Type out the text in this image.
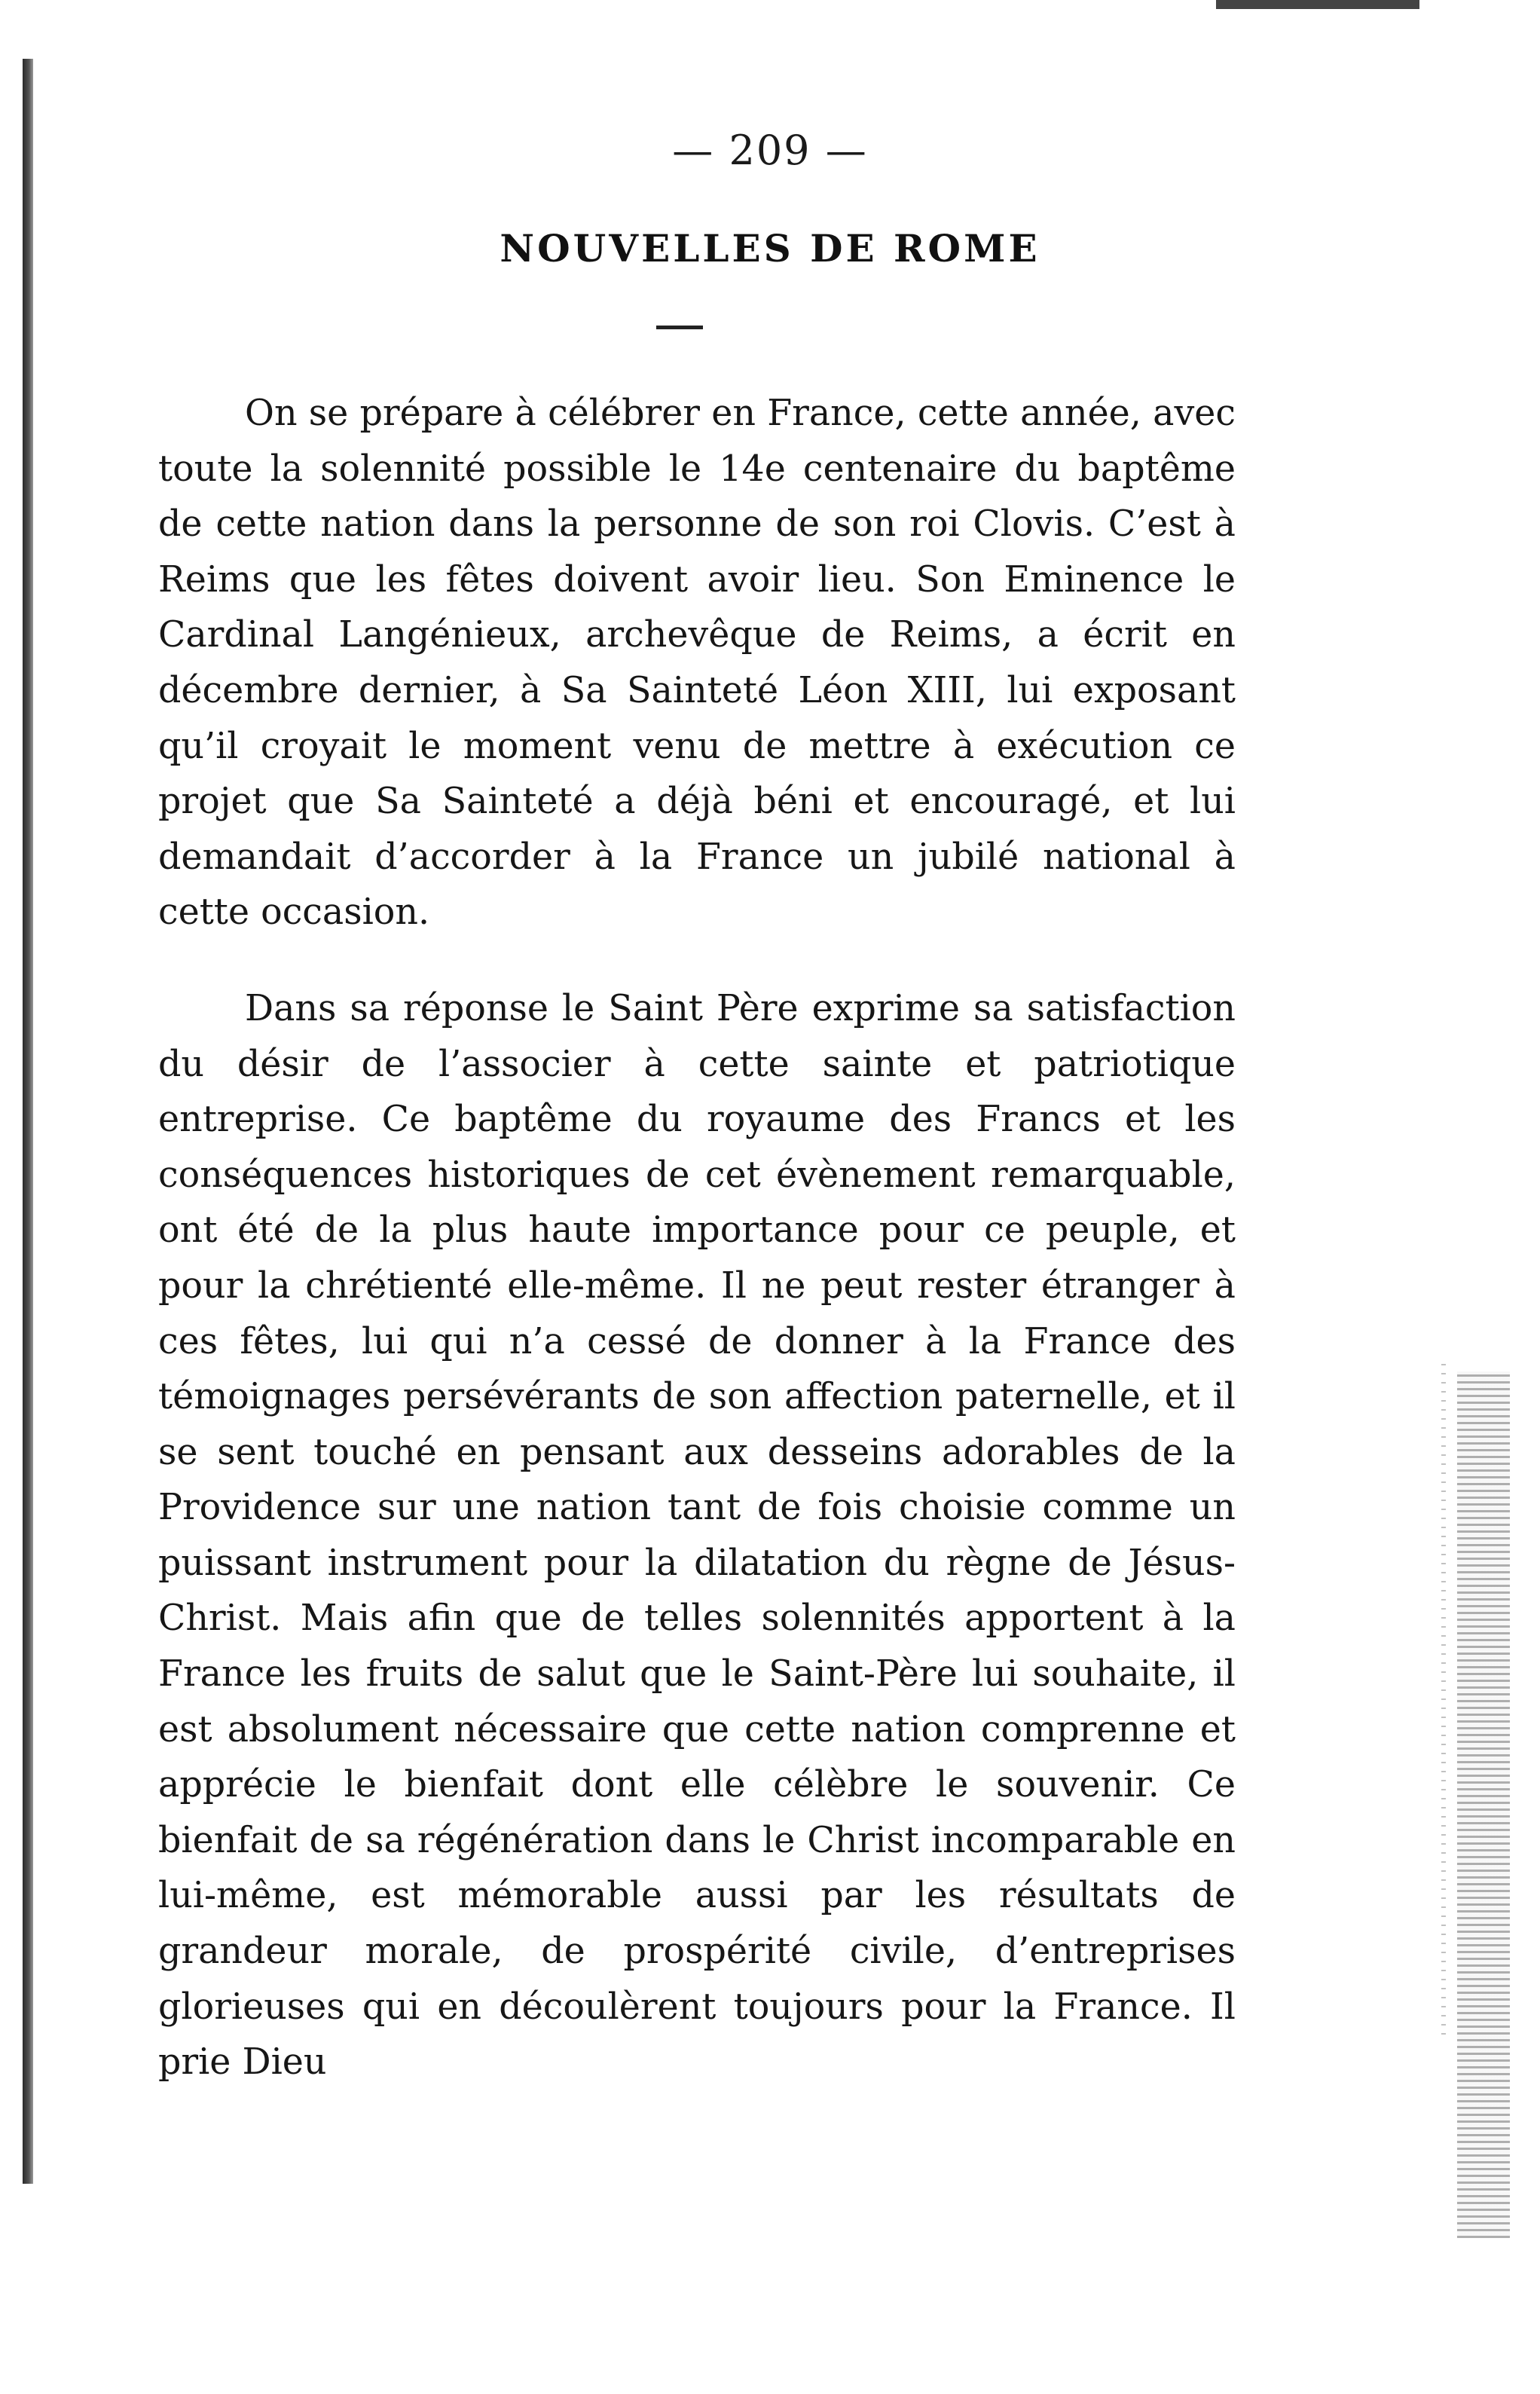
— 209 —
NOUVELLES DE ROME

On se prépare à célébrer en France, cette année, avec toute la solennité possible le 14e centenaire du baptême de cette nation dans la personne de son roi Clovis. C’est à Reims que les fêtes doivent avoir lieu. Son Eminence le Cardinal Langénieux, archevêque de Reims, a écrit en décembre dernier, à Sa Sainteté Léon XIII, lui exposant qu’il croyait le moment venu de mettre à exécution ce projet que Sa Sainteté a déjà béni et encouragé, et lui demandait d’accorder à la France un jubilé national à cette occasion.

Dans sa réponse le Saint Père exprime sa satisfaction du désir de l’associer à cette sainte et patriotique entreprise. Ce baptême du royaume des Francs et les conséquences historiques de cet évènement remarquable, ont été de la plus haute importance pour ce peuple, et pour la chrétienté elle-même. Il ne peut rester étranger à ces fêtes, lui qui n’a cessé de donner à la France des témoignages persévérants de son affection paternelle, et il se sent touché en pensant aux desseins adorables de la Providence sur une nation tant de fois choisie comme un puissant instrument pour la dilatation du règne de Jésus-Christ. Mais afin que de telles solennités apportent à la France les fruits de salut que le Saint-Père lui souhaite, il est absolument nécessaire que cette nation comprenne et apprécie le bienfait dont elle célèbre le souvenir. Ce bienfait de sa régénération dans le Christ incomparable en lui-même, est mémorable aussi par les résultats de grandeur morale, de prospérité civile, d’entreprises glorieuses qui en découlèrent toujours pour la France. Il prie Dieu
